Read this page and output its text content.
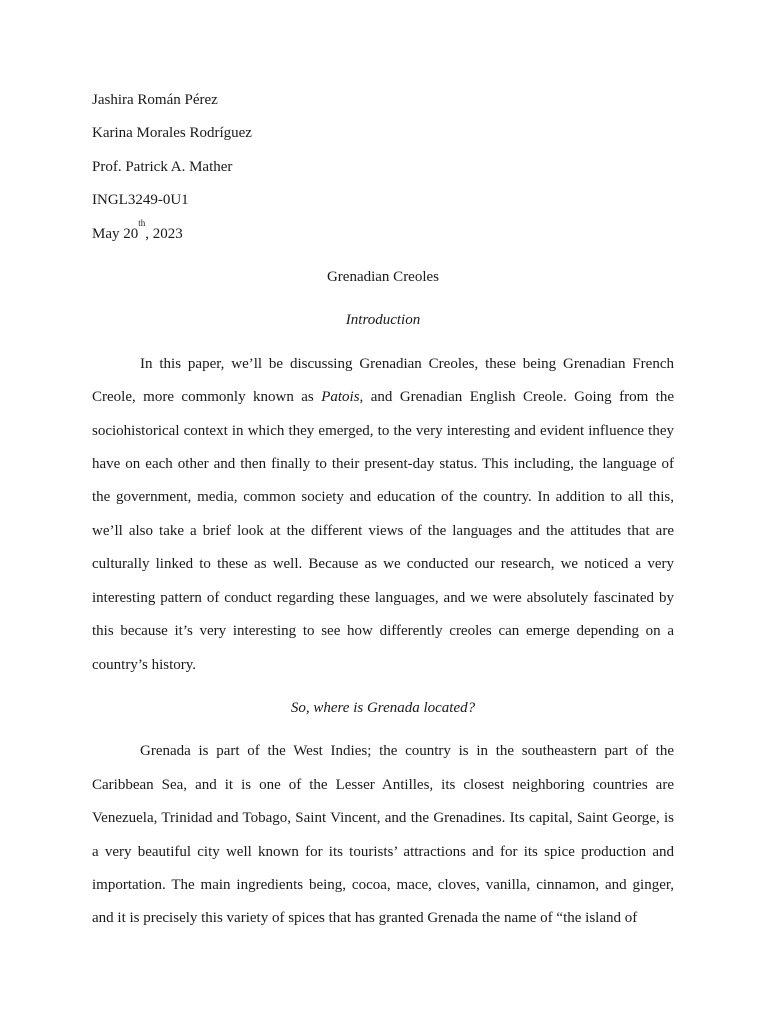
Jashira Román Pérez

Karina Morales Rodríguez

Prof. Patrick A. Mather

INGL3249-0U1

May 20th, 2023

Grenadian Creoles

Introduction

In this paper, we’ll be discussing Grenadian Creoles, these being Grenadian French Creole, more commonly known as Patois, and Grenadian English Creole. Going from the sociohistorical context in which they emerged, to the very interesting and evident influence they have on each other and then finally to their present-day status. This including, the language of the government, media, common society and education of the country. In addition to all this, we’ll also take a brief look at the different views of the languages and the attitudes that are culturally linked to these as well. Because as we conducted our research, we noticed a very interesting pattern of conduct regarding these languages, and we were absolutely fascinated by this because it’s very interesting to see how differently creoles can emerge depending on a country’s history.

So, where is Grenada located?

Grenada is part of the West Indies; the country is in the southeastern part of the Caribbean Sea, and it is one of the Lesser Antilles, its closest neighboring countries are Venezuela, Trinidad and Tobago, Saint Vincent, and the Grenadines. Its capital, Saint George, is a very beautiful city well known for its tourists’ attractions and for its spice production and importation. The main ingredients being, cocoa, mace, cloves, vanilla, cinnamon, and ginger, and it is precisely this variety of spices that has granted Grenada the name of “the island of
